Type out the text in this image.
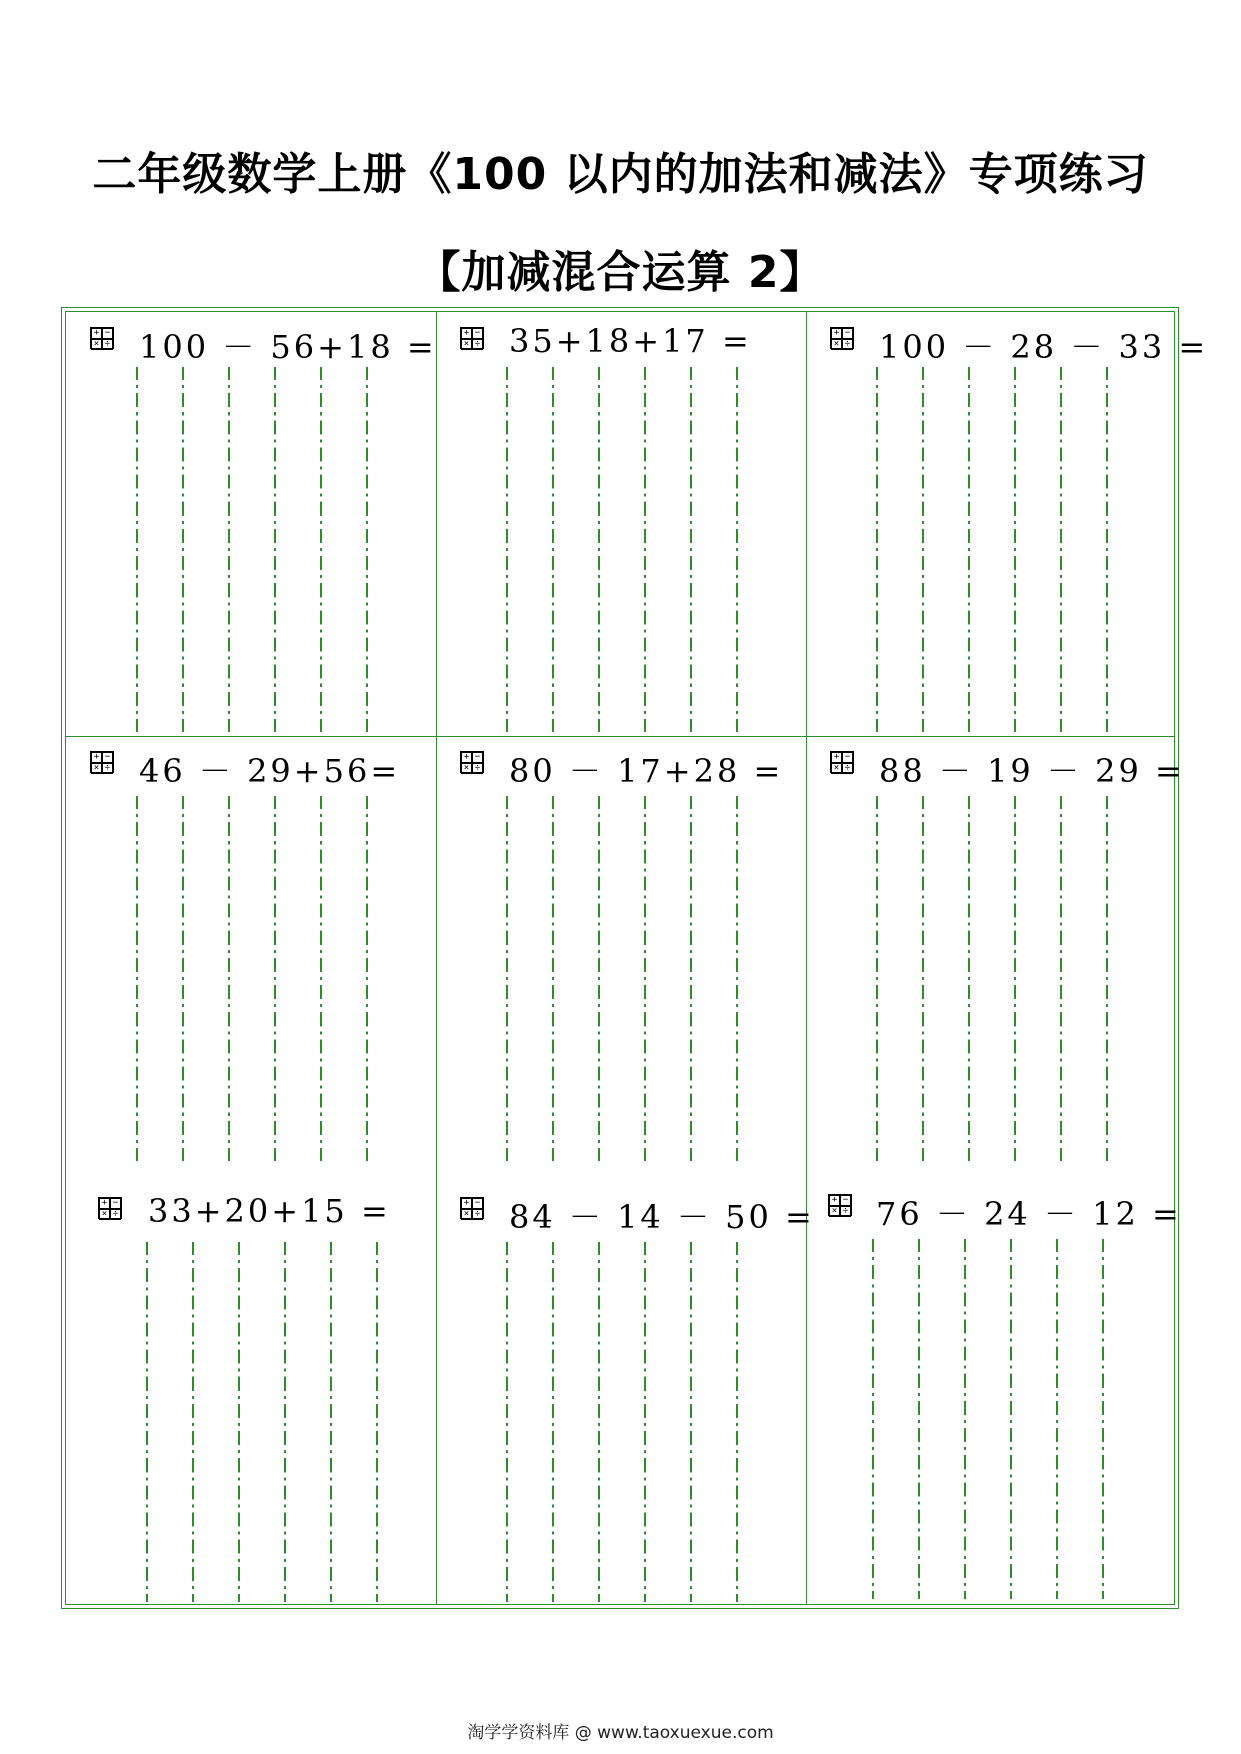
二年级数学上册《100 以内的加法和减法》专项练习
【加减混合运算 2】
+ −
× ÷ 100 － 56+18 =	+ −
× ÷ 35+18+17 =	+ −
× ÷ 100 － 28 － 33 =
+ −
× ÷ 46 － 29+56=	+ −
× ÷ 80 － 17+28 =	+ −
× ÷ 88 － 19 － 29 =
+ −
× ÷ 33+20+15 =	+ −
× ÷ 84 － 14 － 50 =	+ −
× ÷ 76 － 24 － 12 =
淘学学资料库 @ www.taoxuexue.com
